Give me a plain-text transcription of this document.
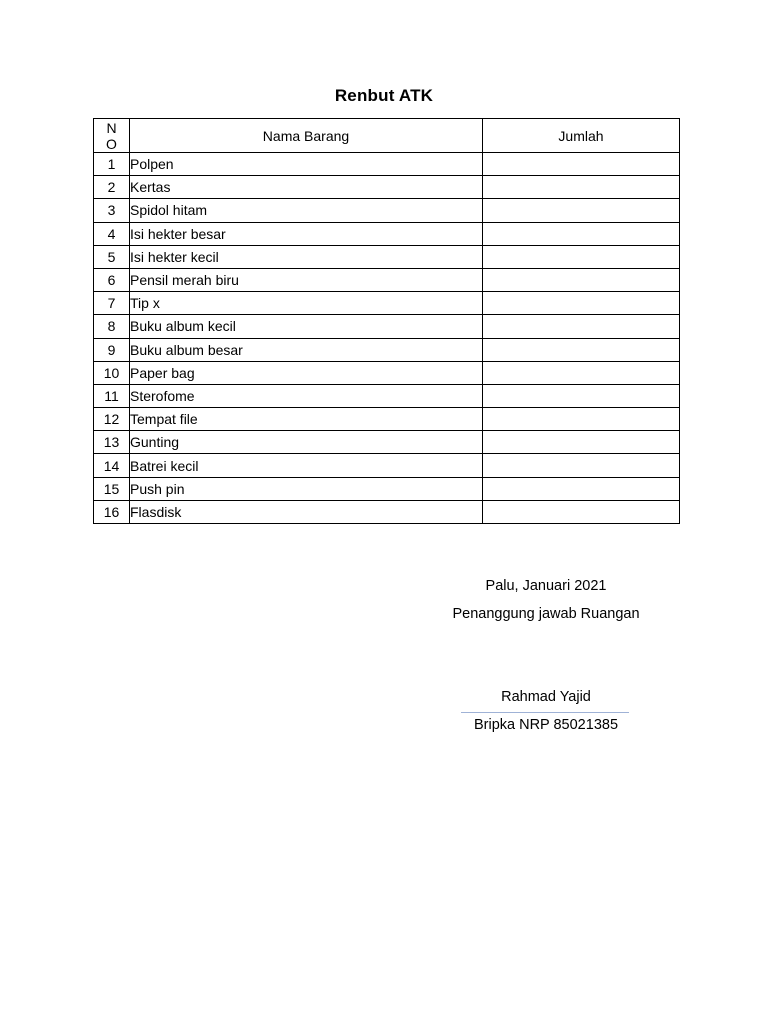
Renbut ATK
N
O	Nama Barang	Jumlah
1	Polpen	
2	Kertas	
3	Spidol hitam	
4	Isi hekter besar	
5	Isi hekter kecil	
6	Pensil merah biru	
7	Tip x	
8	Buku album kecil	
9	Buku album besar	
10	Paper bag	
11	Sterofome	
12	Tempat file	
13	Gunting	
14	Batrei kecil	
15	Push pin	
16	Flasdisk	
Palu, Januari 2021
Penanggung jawab Ruangan
Rahmad Yajid
Bripka NRP 85021385
